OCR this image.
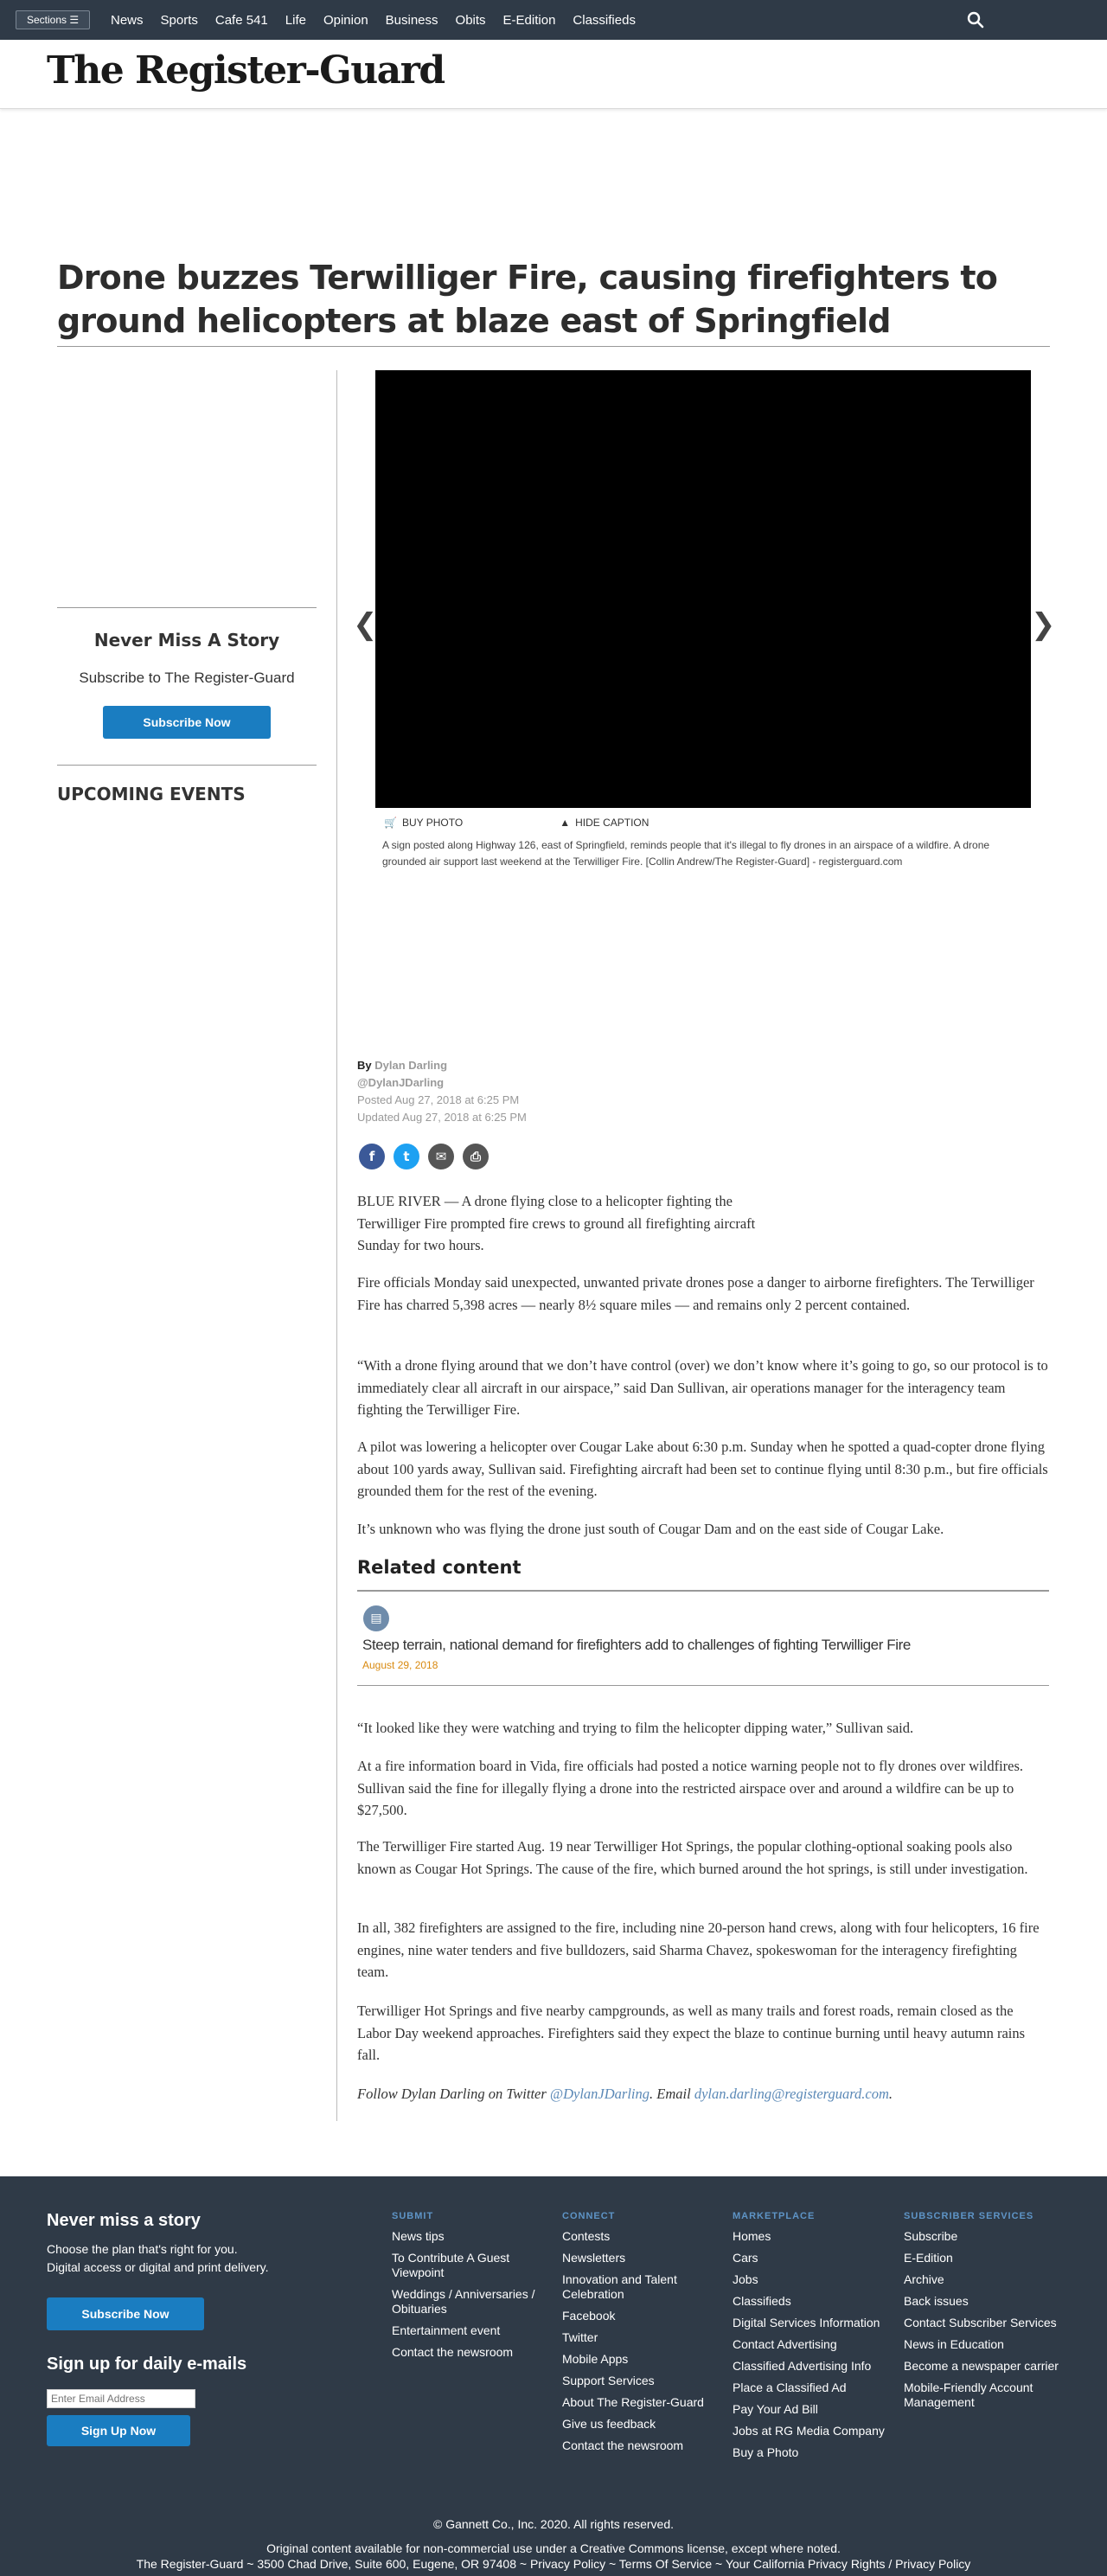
Sections ☰	News Sports Cafe 541 Life Opinion Business Obits E-Edition Classifieds
The Register-Guard
Drone buzzes Terwilliger Fire, causing firefighters to ground helicopters at blaze east of Springfield
Never Miss A Story
Subscribe to The Register-Guard
Subscribe Now
UPCOMING EVENTS
❮	❯
🛒 BUY PHOTO	▲ HIDE CAPTION
A sign posted along Highway 126, east of Springfield, reminds people that it's illegal to fly drones in an airspace of a wildfire. A drone grounded air support last weekend at the Terwilliger Fire. [Collin Andrew/The Register-Guard] - registerguard.com
By Dylan Darling
@DylanJDarling
Posted Aug 27, 2018 at 6:25 PM
Updated Aug 27, 2018 at 6:25 PM
f	t	✉	⎙

BLUE RIVER — A drone flying close to a helicopter fighting the Terwilliger Fire prompted fire crews to ground all firefighting aircraft Sunday for two hours.

Fire officials Monday said unexpected, unwanted private drones pose a danger to airborne firefighters. The Terwilliger Fire has charred 5,398 acres — nearly 8½ square miles — and remains only 2 percent contained.

“With a drone flying around that we don’t have control (over) we don’t know where it’s going to go, so our protocol is to immediately clear all aircraft in our airspace,” said Dan Sullivan, air operations manager for the interagency team fighting the Terwilliger Fire.

A pilot was lowering a helicopter over Cougar Lake about 6:30 p.m. Sunday when he spotted a quad-copter drone flying about 100 yards away, Sullivan said. Firefighting aircraft had been set to continue flying until 8:30 p.m., but fire officials grounded them for the rest of the evening.

It’s unknown who was flying the drone just south of Cougar Dam and on the east side of Cougar Lake.

Related content
▤
Steep terrain, national demand for firefighters add to challenges of fighting Terwilliger Fire
August 29, 2018

“It looked like they were watching and trying to film the helicopter dipping water,” Sullivan said.

At a fire information board in Vida, fire officials had posted a notice warning people not to fly drones over wildfires. Sullivan said the fine for illegally flying a drone into the restricted airspace over and around a wildfire can be up to $27,500.

The Terwilliger Fire started Aug. 19 near Terwilliger Hot Springs, the popular clothing-optional soaking pools also known as Cougar Hot Springs. The cause of the fire, which burned around the hot springs, is still under investigation.

In all, 382 firefighters are assigned to the fire, including nine 20-person hand crews, along with four helicopters, 16 fire engines, nine water tenders and five bulldozers, said Sharma Chavez, spokeswoman for the interagency firefighting team.

Terwilliger Hot Springs and five nearby campgrounds, as well as many trails and forest roads, remain closed as the Labor Day weekend approaches. Firefighters said they expect the blaze to continue burning until heavy autumn rains fall.

Follow Dylan Darling on Twitter @DylanJDarling. Email dylan.darling@registerguard.com.

Never miss a story
Choose the plan that's right for you.
Digital access or digital and print delivery.
Subscribe Now
Sign up for daily e-mails
Enter Email Address
Sign Up Now
SUBMIT
News tips
To Contribute A Guest Viewpoint
Weddings / Anniversaries / Obituaries
Entertainment event
Contact the newsroom
CONNECT
Contests
Newsletters
Innovation and Talent Celebration
Facebook
Twitter
Mobile Apps
Support Services
About The Register-Guard
Give us feedback
Contact the newsroom
MARKETPLACE
Homes
Cars
Jobs
Classifieds
Digital Services Information
Contact Advertising
Classified Advertising Info
Place a Classified Ad
Pay Your Ad Bill
Jobs at RG Media Company
Buy a Photo
SUBSCRIBER SERVICES
Subscribe
E-Edition
Archive
Back issues
Contact Subscriber Services
News in Education
Become a newspaper carrier
Mobile-Friendly Account Management
© Gannett Co., Inc. 2020. All rights reserved.
Original content available for non-commercial use under a Creative Commons license, except where noted.
The Register-Guard ~ 3500 Chad Drive, Suite 600, Eugene, OR 97408 ~ Privacy Policy ~ Terms Of Service ~ Your California Privacy Rights / Privacy Policy
